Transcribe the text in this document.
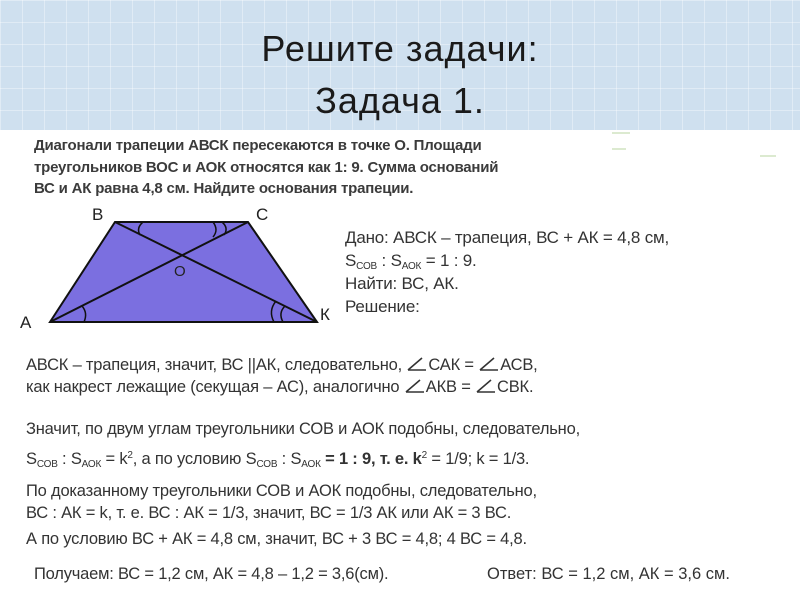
Решите задачи:
Задача 1.
Диагонали трапеции АВСК пересекаются в точке О. Площади
треугольников ВОС и АОК относятся как 1: 9. Сумма оснований
ВС и АК равна 4,8 см. Найдите основания трапеции.
А
В	С
К
О
Дано: АВСК – трапеция, ВС + АК = 4,8 см,
$S_{СОВ}$ : $S_{АОК} = 1$ : 9.
Найти: ВС, АК.
Решение:
АВСК – трапеция, значит, ВС ||АК, следовательно, САК = АСВ,
как накрест лежащие (секущая – АС), аналогично АКВ = СВК.
Значит, по двум углам треугольники СОВ и АОК подобны, следовательно,
$S_{СОВ}$ : $S_{АОК} = k^2$, а по условию $S_{СОВ}$ : $S_{АОК} = 1$ : 9, т. е. $k^2 = 1/9$; k = 1/3.
По доказанному треугольники СОВ и АОК подобны, следовательно,
ВС : АК = k, т. е. ВС : АК = 1/3, значит, ВС = 1/3 АК или АК = 3 ВС.
А по условию ВС + АК = 4,8 см, значит, ВС + 3 ВС = 4,8; 4 ВС = 4,8.
Получаем: ВС = 1,2 см, АК = 4,8 – 1,2 = 3,6(см).	Ответ: ВС = 1,2 см, АК = 3,6 см.
